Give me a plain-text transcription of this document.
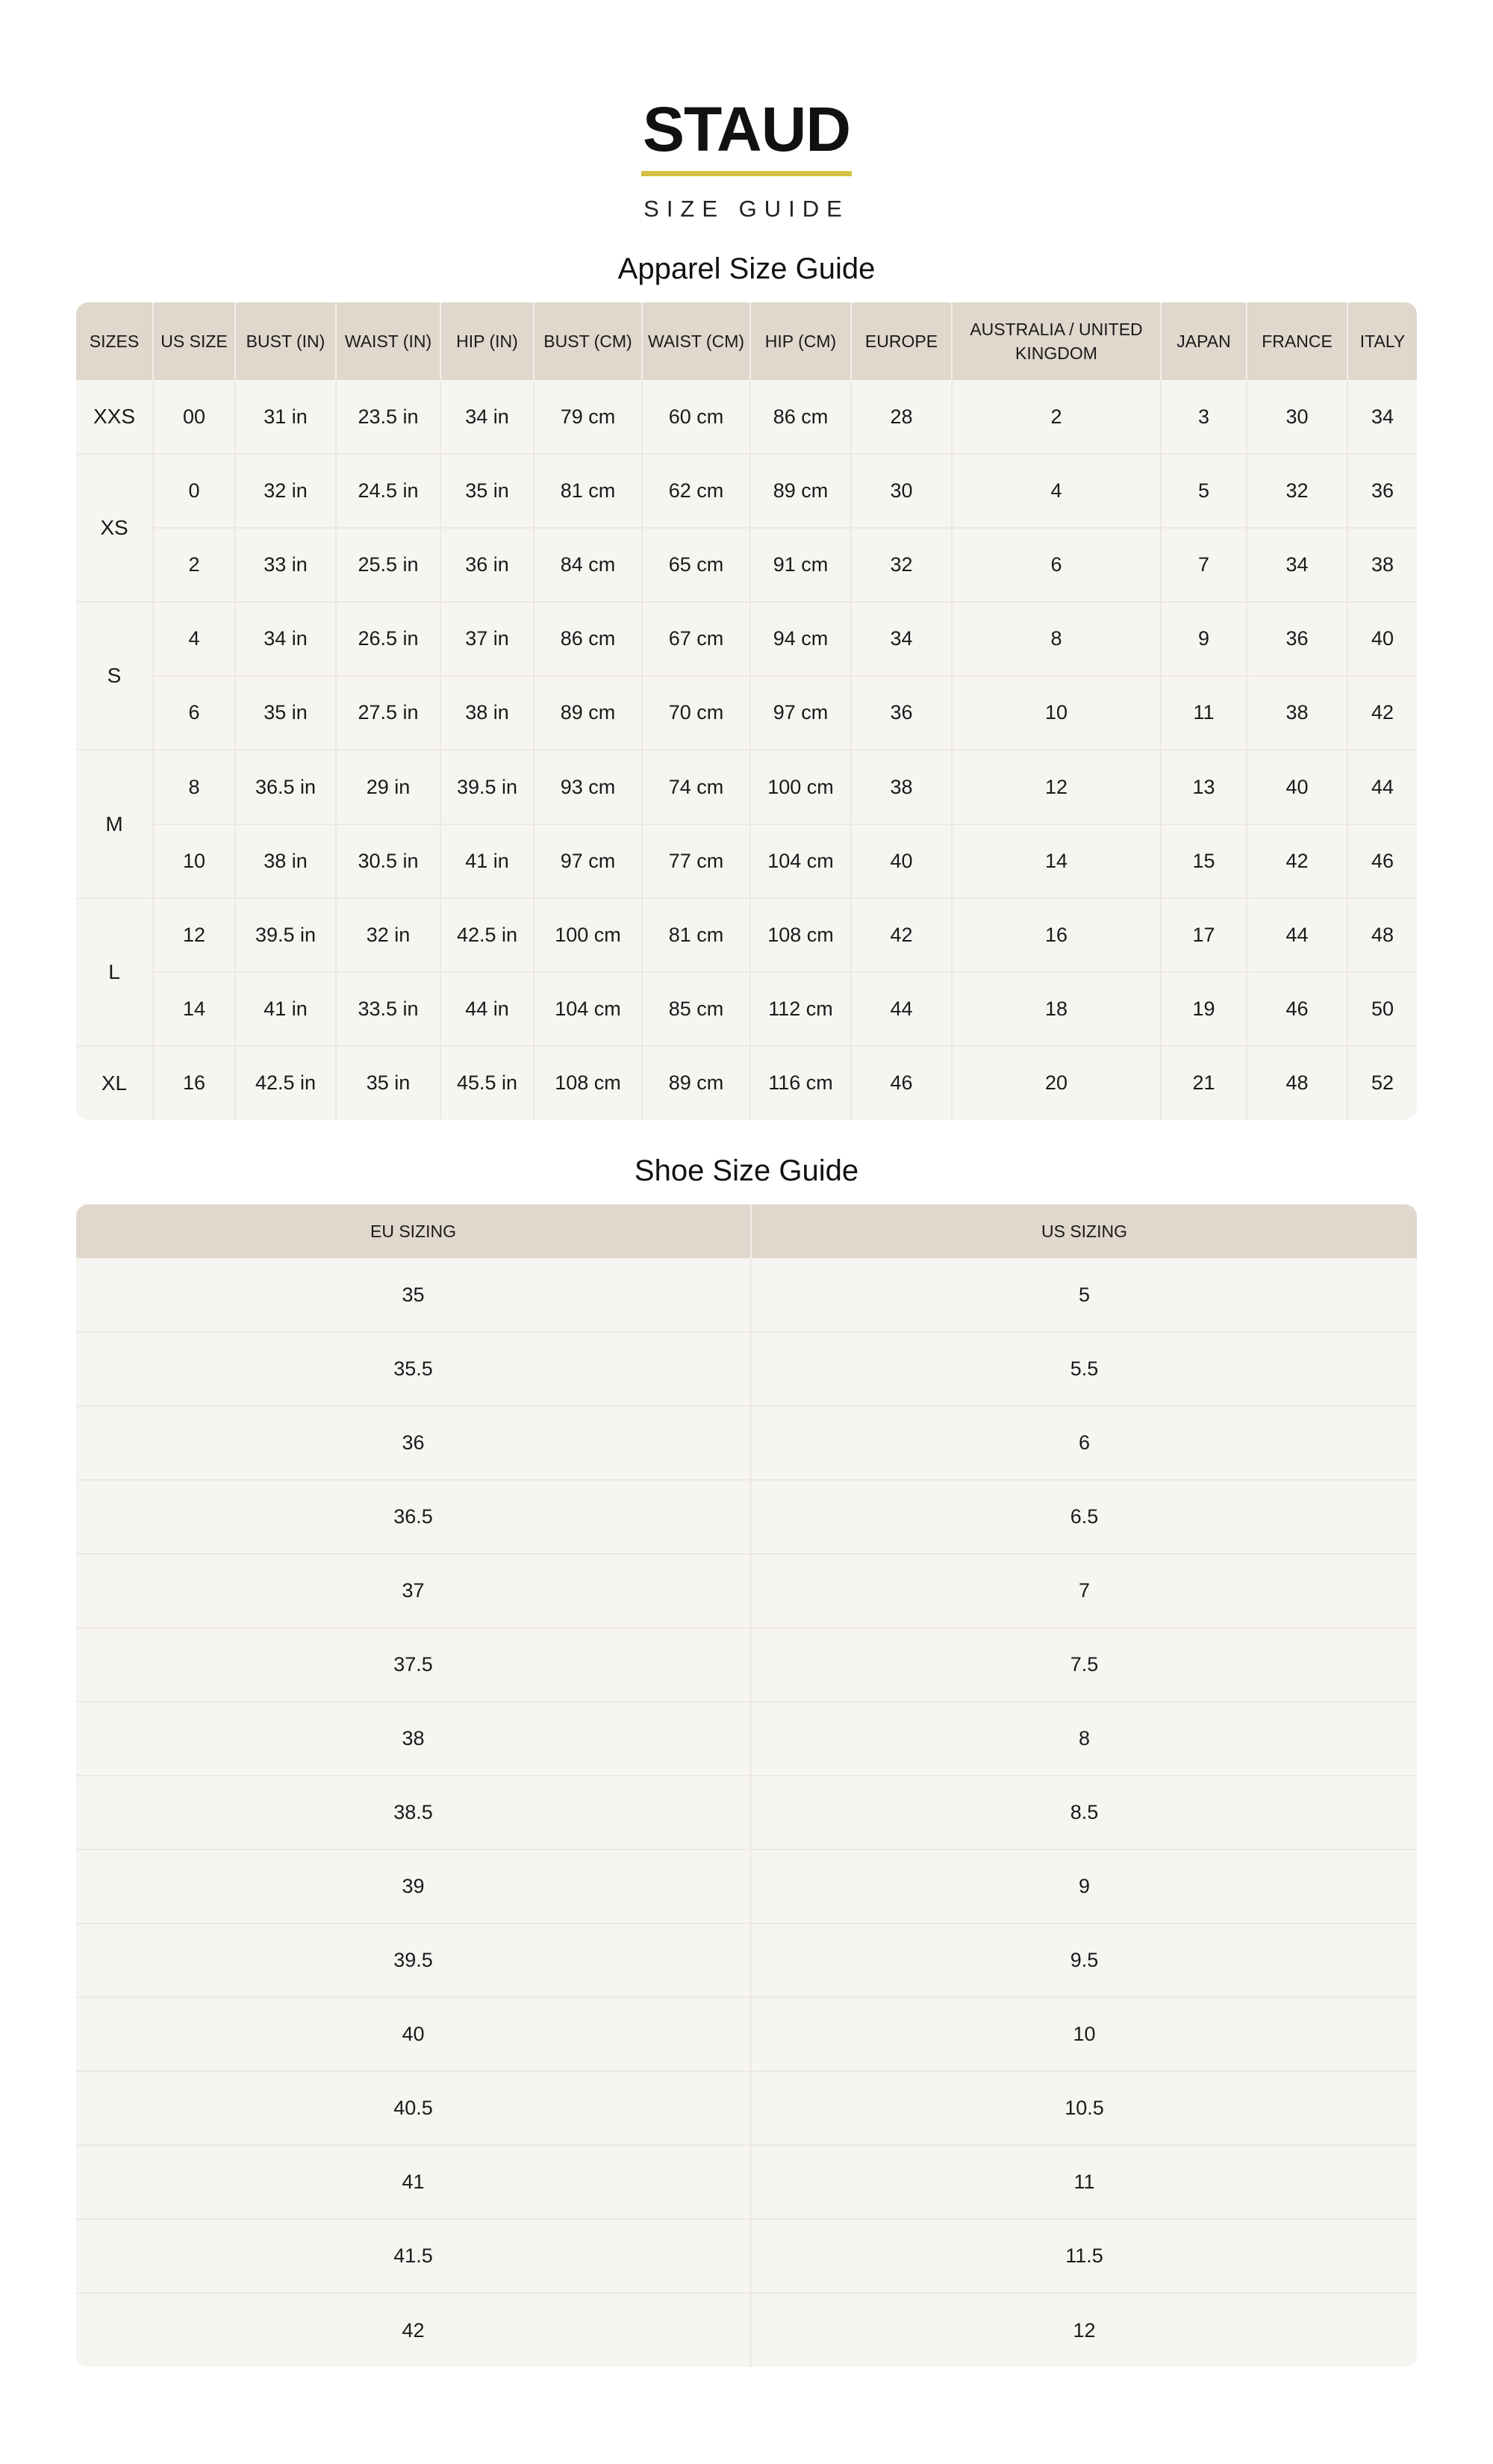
STAUD
SIZE GUIDE
Apparel Size Guide
SIZES	US SIZE	BUST (IN)	WAIST (IN)	HIP (IN)	BUST (CM)	WAIST (CM)	HIP (CM)	EUROPE	AUSTRALIA / UNITED KINGDOM	JAPAN	FRANCE	ITALY
XXS	00	31 in	23.5 in	34 in	79 cm	60 cm	86 cm	28	2	3	30	34
XS	0	32 in	24.5 in	35 in	81 cm	62 cm	89 cm	30	4	5	32	36
	2	33 in	25.5 in	36 in	84 cm	65 cm	91 cm	32	6	7	34	38
S	4	34 in	26.5 in	37 in	86 cm	67 cm	94 cm	34	8	9	36	40
	6	35 in	27.5 in	38 in	89 cm	70 cm	97 cm	36	10	11	38	42
M	8	36.5 in	29 in	39.5 in	93 cm	74 cm	100 cm	38	12	13	40	44
	10	38 in	30.5 in	41 in	97 cm	77 cm	104 cm	40	14	15	42	46
L	12	39.5 in	32 in	42.5 in	100 cm	81 cm	108 cm	42	16	17	44	48
	14	41 in	33.5 in	44 in	104 cm	85 cm	112 cm	44	18	19	46	50
XL	16	42.5 in	35 in	45.5 in	108 cm	89 cm	116 cm	46	20	21	48	52
Shoe Size Guide
EU SIZING	US SIZING
35	5
35.5	5.5
36	6
36.5	6.5
37	7
37.5	7.5
38	8
38.5	8.5
39	9
39.5	9.5
40	10
40.5	10.5
41	11
41.5	11.5
42	12
